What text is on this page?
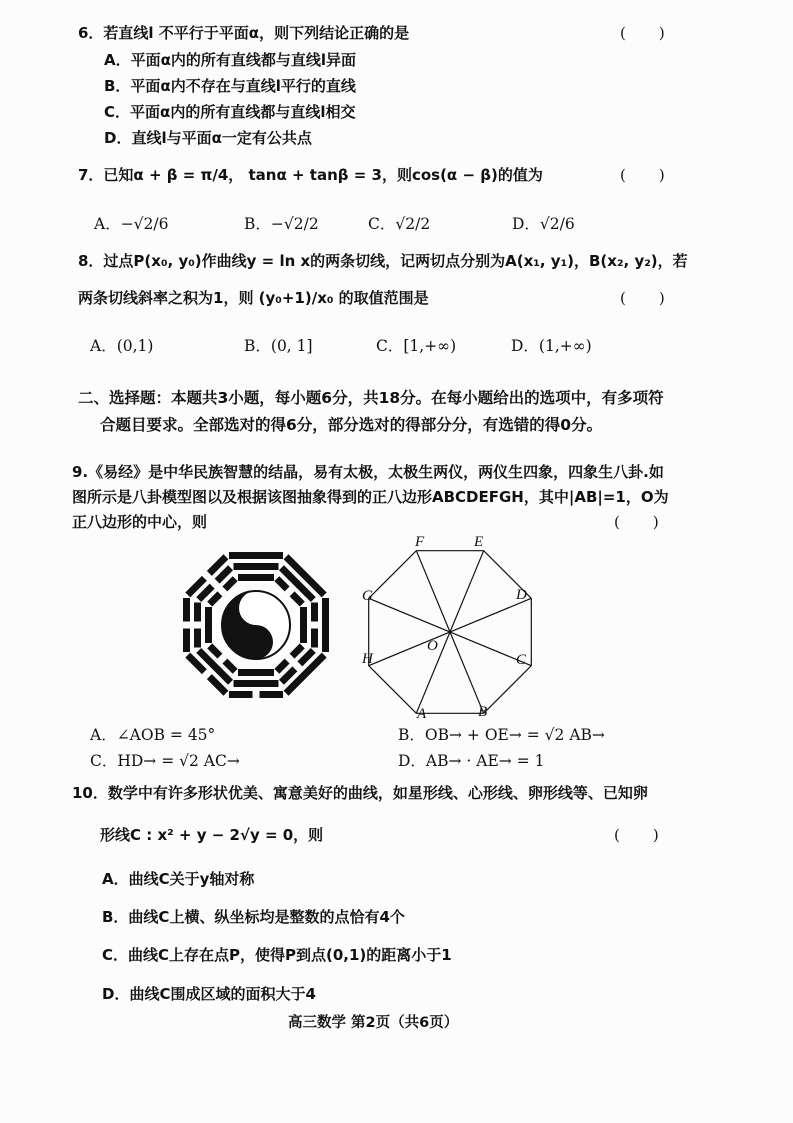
6．若直线l 不平行于平面α，则下列结论正确的是	(　　)
A．平面α内的所有直线都与直线l异面
B．平面α内不存在与直线l平行的直线
C．平面α内的所有直线都与直线l相交
D．直线l与平面α一定有公共点
7．已知α + β = π/4， tanα + tanβ = 3，则cos(α − β)的值为	(　　)
A．−√2/6	B．−√2/2	C．√2/2	D．√2/6
8．过点P(x₀, y₀)作曲线y = ln x的两条切线，记两切点分别为A(x₁, y₁)，B(x₂, y₂)，若
两条切线斜率之积为1，则 (y₀+1)/x₀ 的取值范围是	(　　)
A．(0,1)	B．(0, 1]	C．[1,+∞)	D．(1,+∞)
二、选择题：本题共3小题，每小题6分，共18分。在每小题给出的选项中，有多项符
合题目要求。全部选对的得6分，部分选对的得部分分，有选错的得0分。
9.《易经》是中华民族智慧的结晶，易有太极，太极生两仪，两仪生四象，四象生八卦.如
图所示是八卦模型图以及根据该图抽象得到的正八边形ABCDEFGH，其中|AB|=1，O为
正八边形的中心，则	(　　)
F	E
D
C
B
A
H
G
O
A．∠AOB = 45°	B．OB→ + OE→ = √2 AB→
C．HD→ = √2 AC→	D．AB→ · AE→ = 1
10．数学中有许多形状优美、寓意美好的曲线，如星形线、心形线、卵形线等、已知卵
形线C : x² + y − 2√y = 0，则	(　　)
A．曲线C关于y轴对称
B．曲线C上横、纵坐标均是整数的点恰有4个
C．曲线C上存在点P，使得P到点(0,1)的距离小于1
D．曲线C围成区域的面积大于4
高三数学 第2页（共6页）
